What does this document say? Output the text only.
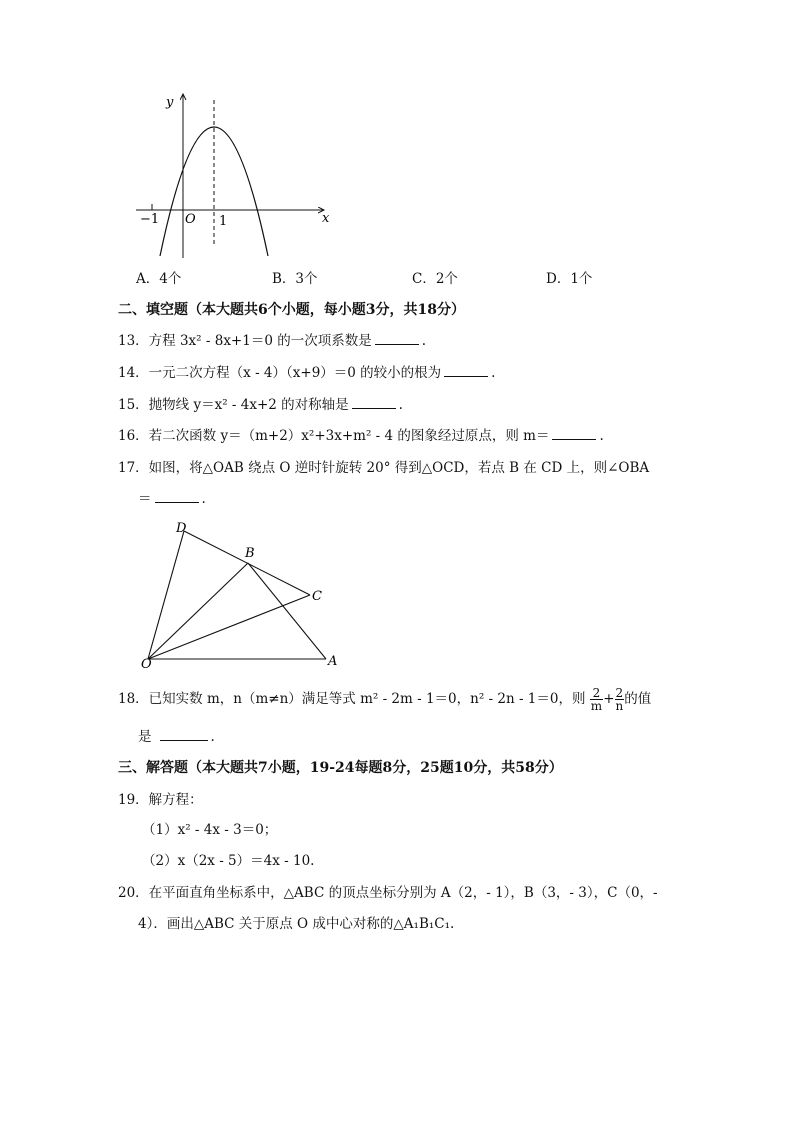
y
x
O
−1	1
A．4个	B．3个	C．2个	D．1个
二、填空题（本大题共6个小题，每小题3分，共18分）
13．方程 3x² - 8x+1＝0 的一次项系数是	.
14．一元二次方程（x - 4）（x+9）＝0 的较小的根为	.
15．抛物线 y＝x² - 4x+2 的对称轴是	.
16．若二次函数 y＝（m+2）x²+3x+m² - 4 的图象经过原点，则 m＝	.
17．如图，将△OAB 绕点 O 逆时针旋转 20° 得到△OCD，若点 B 在 CD 上，则∠OBA
＝	.
D
B
C
O	A
18．已知实数 m，n（m≠n）满足等式 m² - 2m - 1＝0，n² - 2n - 1＝0，则 $\frac{2}{m} + \frac{2}{n}$ 的值
是	.
三、解答题（本大题共7小题，19-24每题8分，25题10分，共58分）
19．解方程：
（1）x² - 4x - 3＝0；
（2）x（2x - 5）＝4x - 10.
20．在平面直角坐标系中，△ABC 的顶点坐标分别为 A（2，- 1），B（3，- 3），C（0，-
4）．画出△ABC 关于原点 O 成中心对称的△A₁B₁C₁.
